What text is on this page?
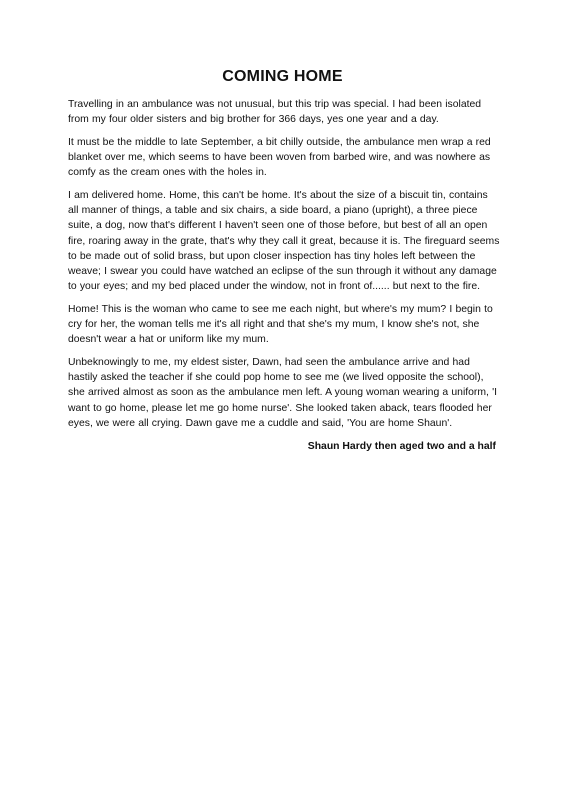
COMING HOME

Travelling in an ambulance was not unusual, but this trip was special. I had been isolated from my four older sisters and big brother for 366 days, yes one year and a day.

It must be the middle to late September, a bit chilly outside, the ambulance men wrap a red blanket over me, which seems to have been woven from barbed wire, and was nowhere as comfy as the cream ones with the holes in.

I am delivered home. Home, this can't be home. It's about the size of a biscuit tin, contains all manner of things, a table and six chairs, a side board, a piano (upright), a three piece suite, a dog, now that's different I haven't seen one of those before, but best of all an open fire, roaring away in the grate, that's why they call it great, because it is. The fireguard seems to be made out of solid brass, but upon closer inspection has tiny holes left between the weave; I swear you could have watched an eclipse of the sun through it without any damage to your eyes; and my bed placed under the window, not in front of...... but next to the fire.

Home! This is the woman who came to see me each night, but where's my mum? I begin to cry for her, the woman tells me it's all right and that she's my mum, I know she's not, she doesn't wear a hat or uniform like my mum.

Unbeknowingly to me, my eldest sister, Dawn, had seen the ambulance arrive and had hastily asked the teacher if she could pop home to see me (we lived opposite the school), she arrived almost as soon as the ambulance men left. A young woman wearing a uniform, 'I want to go home, please let me go home nurse'. She looked taken aback, tears flooded her eyes, we were all crying. Dawn gave me a cuddle and said, 'You are home Shaun'.

Shaun Hardy then aged two and a half
